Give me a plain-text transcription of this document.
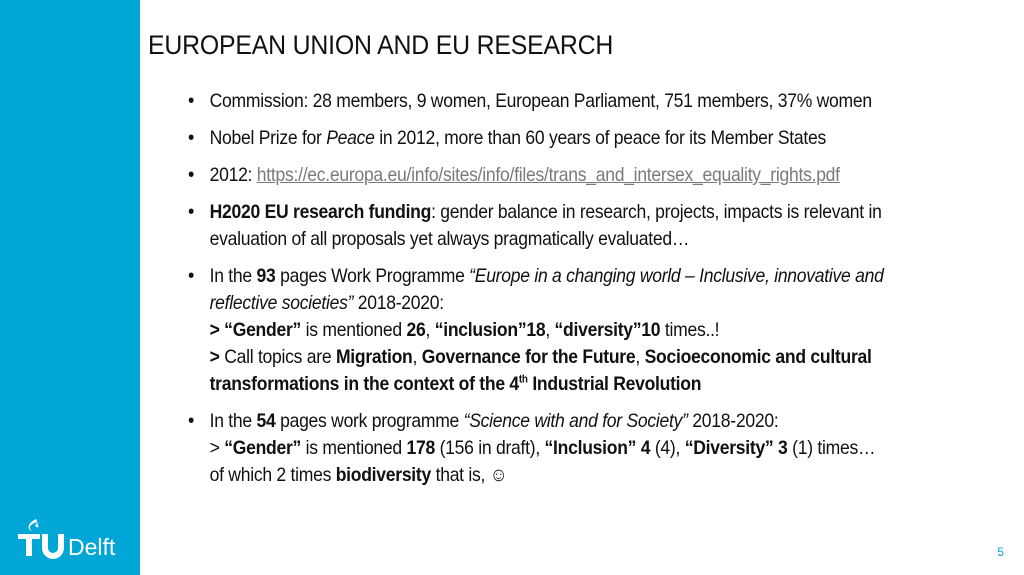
Delft
EUROPEAN UNION AND EU RESEARCH
• Commission: 28 members, 9 women, European Parliament, 751 members, 37% women
• Nobel Prize for Peace in 2012, more than 60 years of peace for its Member States
• 2012: https://ec.europa.eu/info/sites/info/files/trans_and_intersex_equality_rights.pdf
• H2020 EU research funding: gender balance in research, projects, impacts is relevant in
evaluation of all proposals yet always pragmatically evaluated…
• In the 93 pages Work Programme “Europe in a changing world – Inclusive, innovative and
reflective societies” 2018-2020:
> “Gender” is mentioned 26, “inclusion”18, “diversity”10 times..!
> Call topics are Migration, Governance for the Future, Socioeconomic and cultural
transformations in the context of the 4th Industrial Revolution
• In the 54 pages work programme “Science with and for Society” 2018-2020:
> “Gender” is mentioned 178 (156 in draft), “Inclusion” 4 (4), “Diversity” 3 (1) times…
of which 2 times biodiversity that is, ☺
5
